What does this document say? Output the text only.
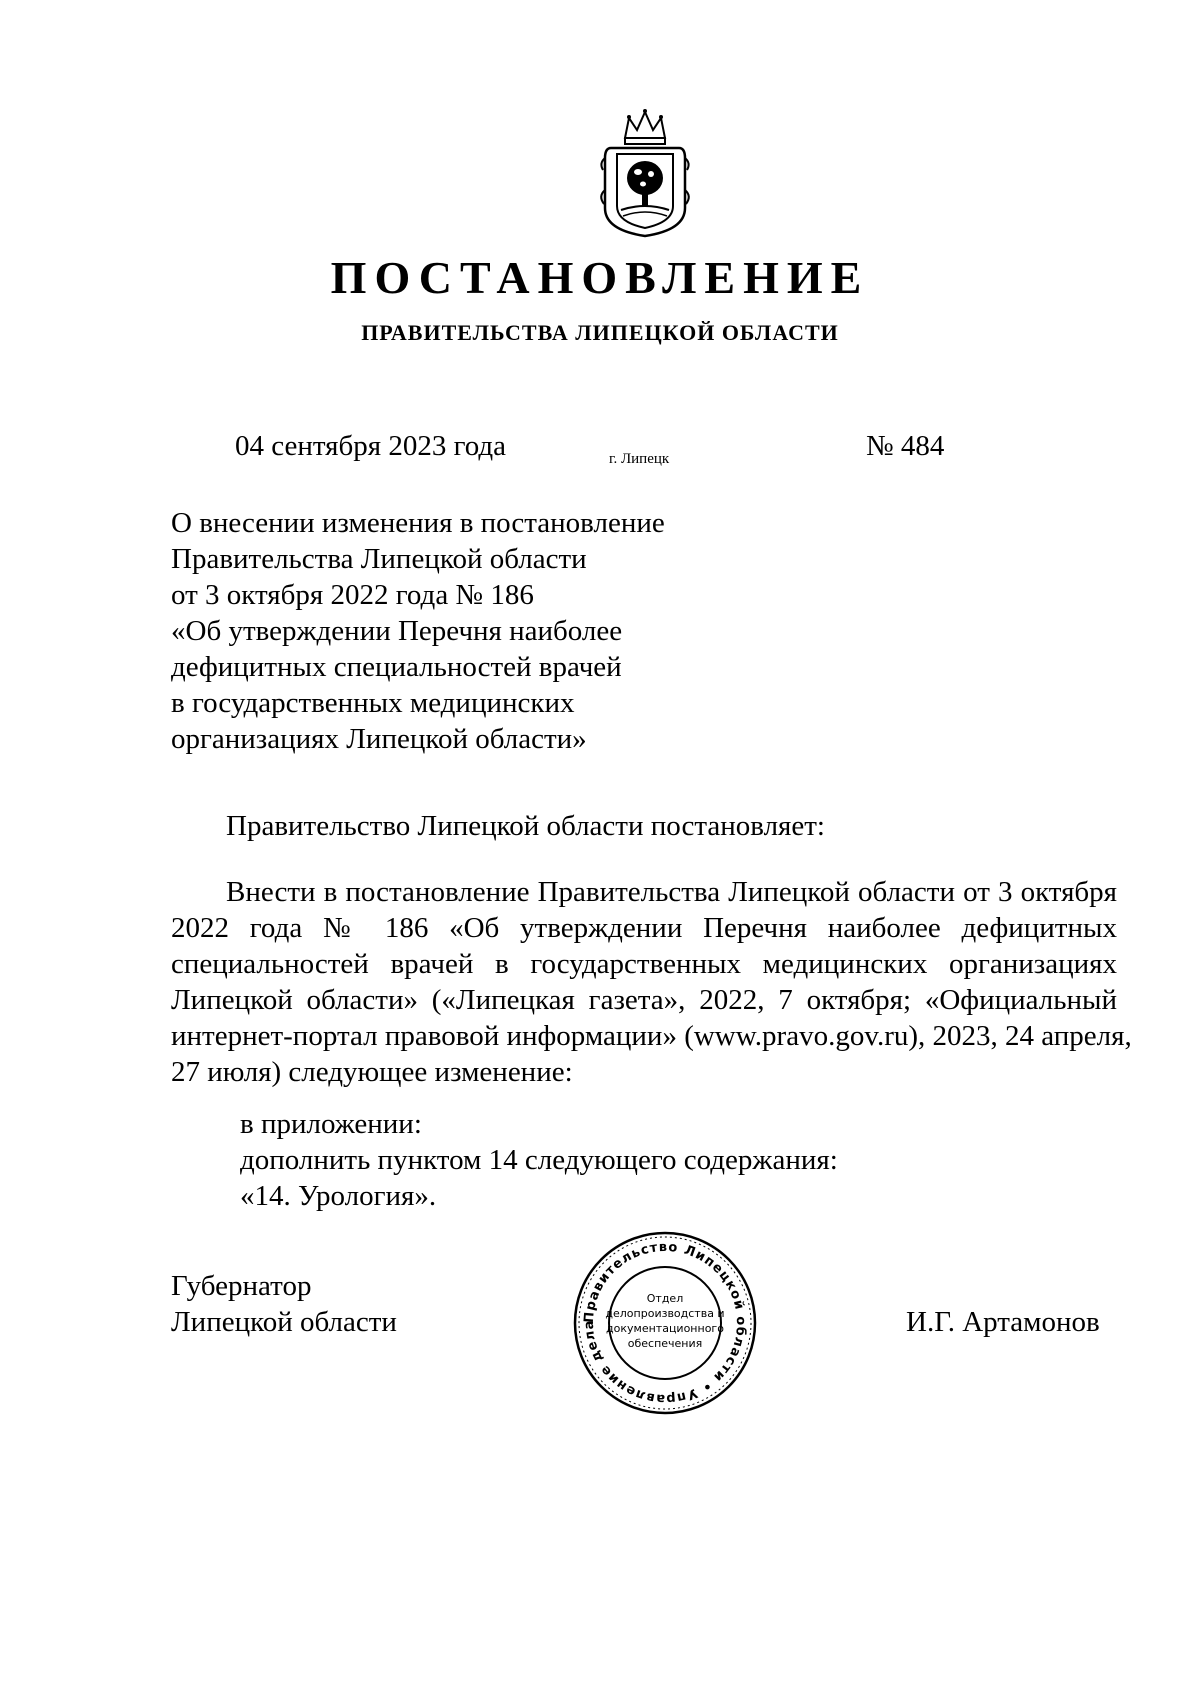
ПОСТАНОВЛЕНИЕ
ПРАВИТЕЛЬСТВА ЛИПЕЦКОЙ ОБЛАСТИ
04 сентября 2023 года	г. Липецк	№ 484
О внесении изменения в постановление
Правительства Липецкой области
от 3 октября 2022 года № 186
«Об утверждении Перечня наиболее
дефицитных специальностей врачей
в государственных медицинских
организациях Липецкой области»
Правительство Липецкой области постановляет:
Внести в постановление Правительства Липецкой области от 3 октября
2022 года № 186 «Об утверждении Перечня наиболее дефицитных
специальностей врачей в государственных медицинских организациях
Липецкой области» («Липецкая газета», 2022, 7 октября; «Официальный
интернет-портал правовой информации» (www.pravo.gov.ru), 2023, 24 апреля,
27 июля) следующее изменение:
в приложении:
дополнить пунктом 14 следующего содержания:
«14. Урология».
Губернатор
Липецкой области	И.Г. Артамонов
Правительство Липецкой области • Управление дела
Отдел
делопроизводства и
документационного
обеспечения
